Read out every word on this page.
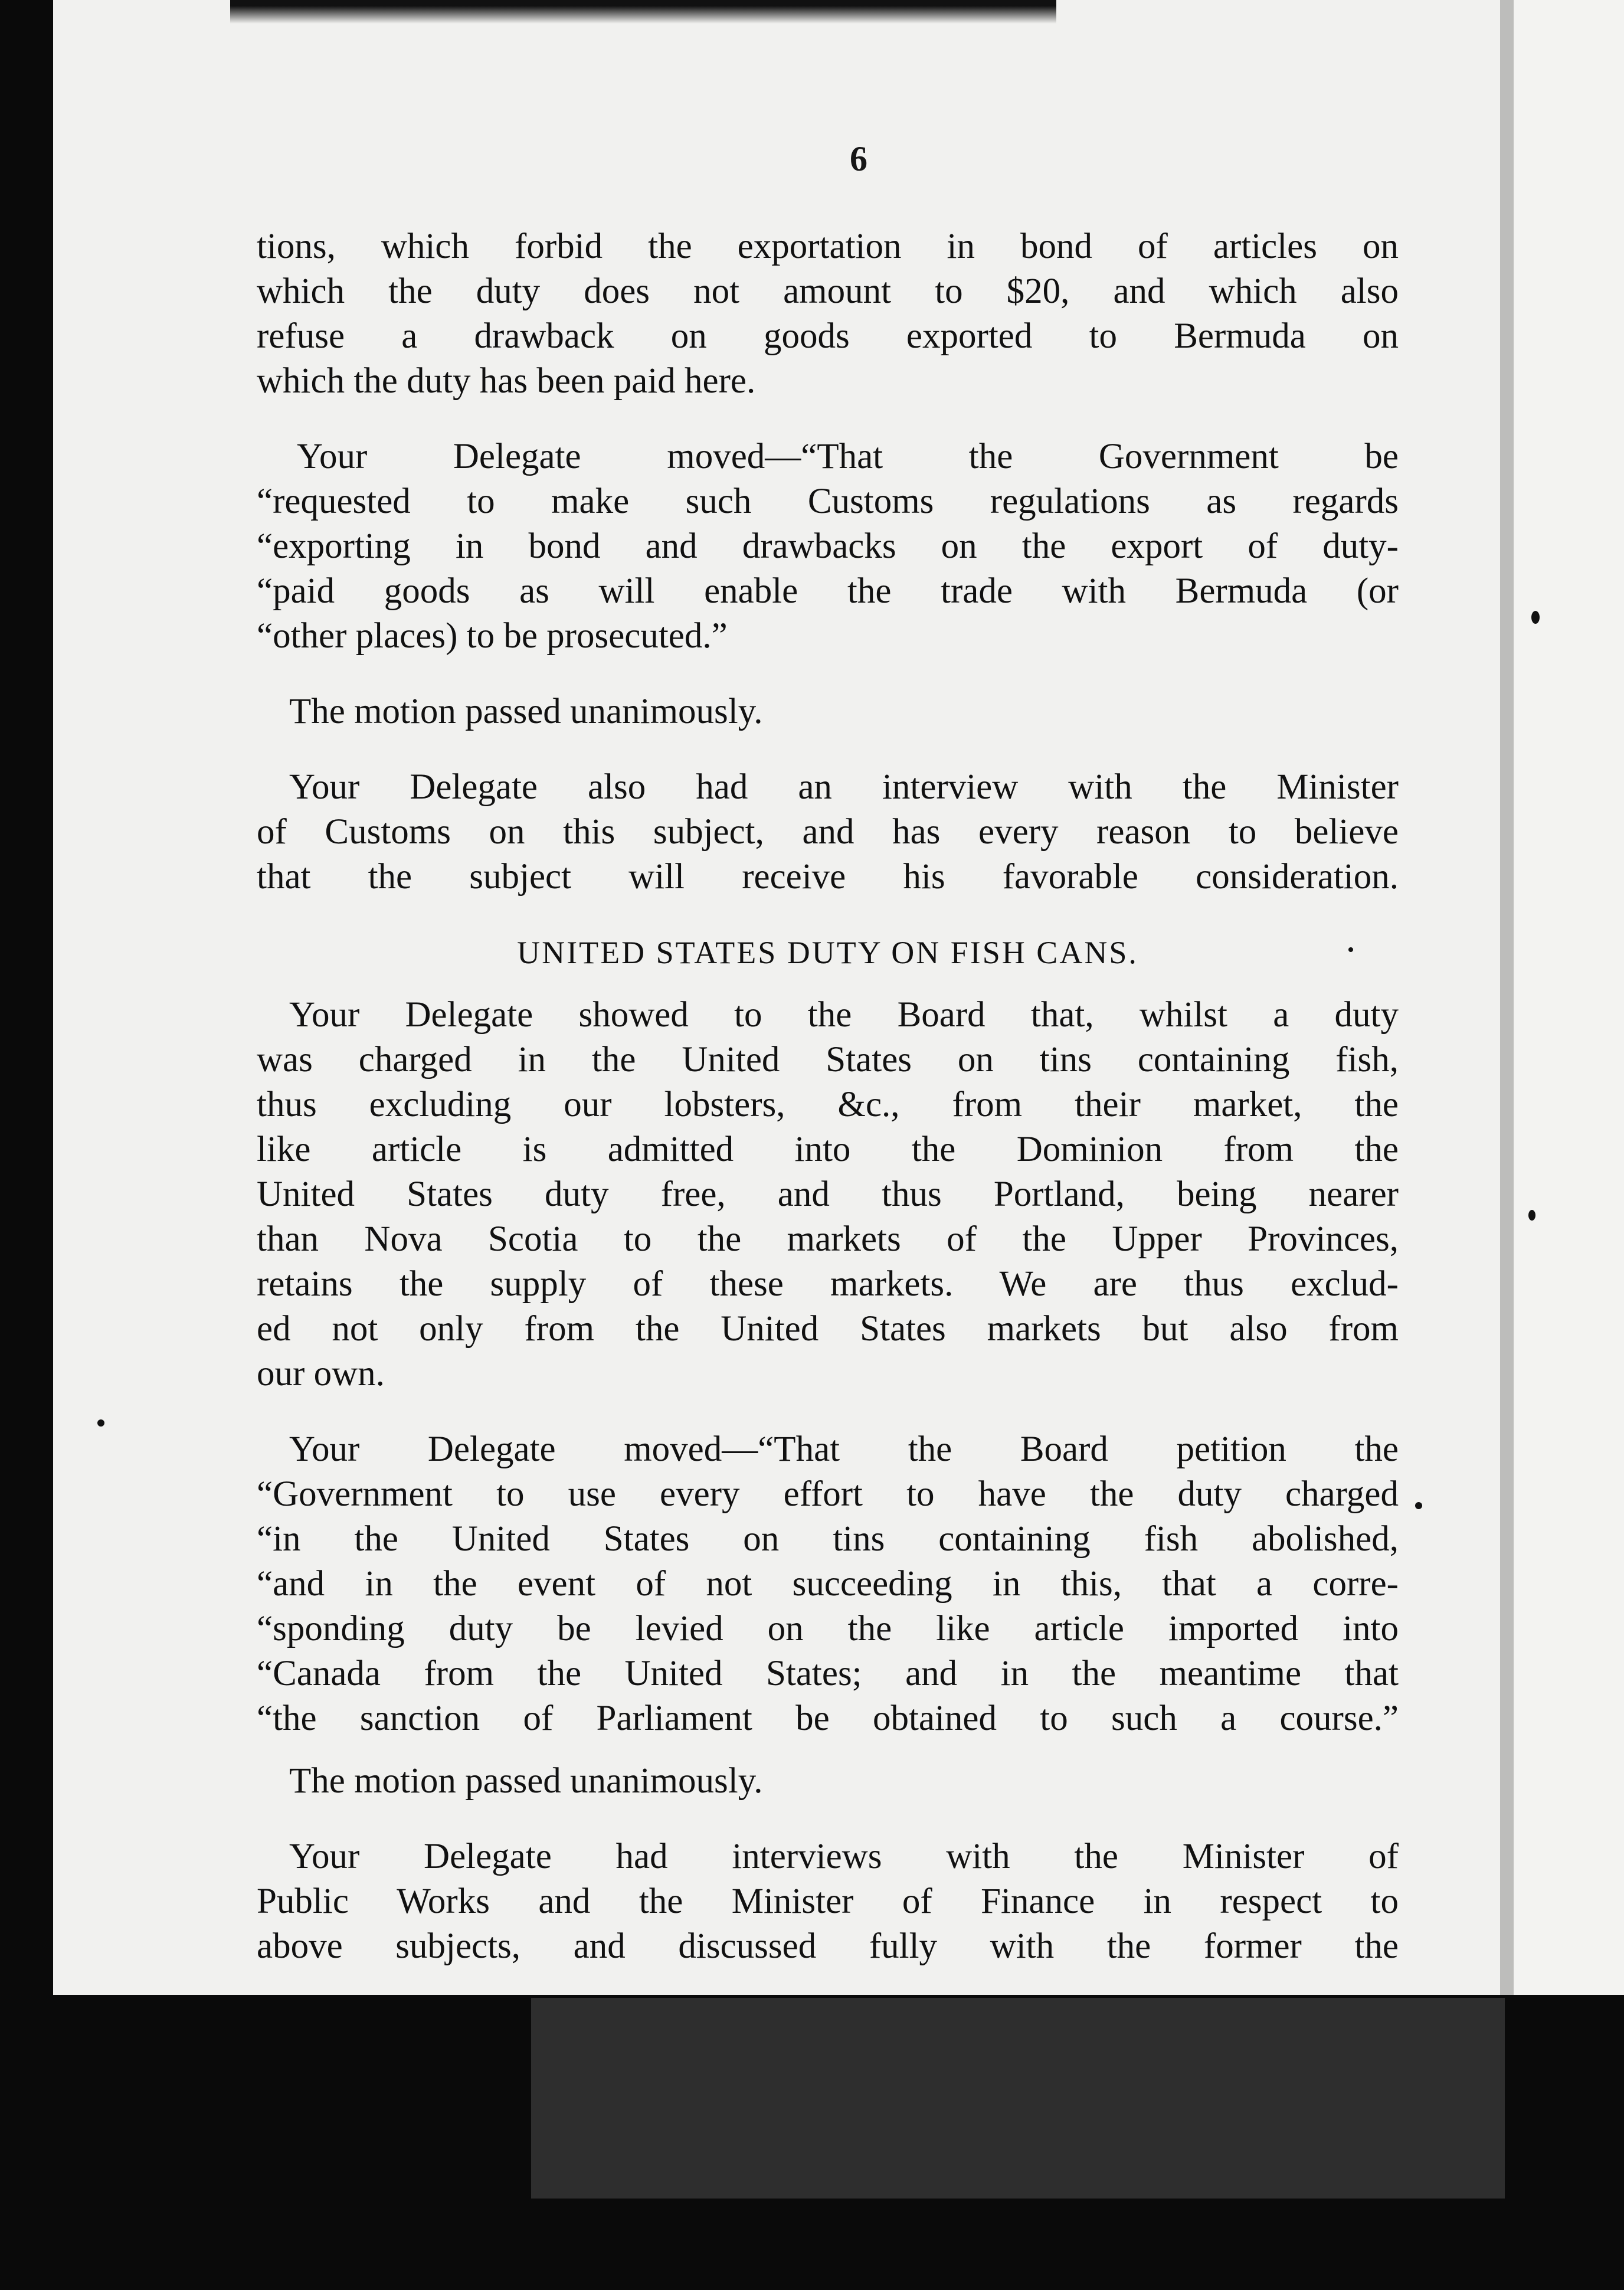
6
tions, which forbid the exportation in bond of articles on
which the duty does not amount to $20, and which also
refuse a drawback on goods exported to Bermuda on
which the duty has been paid here.
Your Delegate moved—“That the Government be
“requested to make such Customs regulations as regards
“exporting in bond and drawbacks on the export of duty-
“paid goods as will enable the trade with Bermuda (or
“other places) to be prosecuted.”
The motion passed unanimously.
Your Delegate also had an interview with the Minister
of Customs on this subject, and has every reason to believe
that the subject will receive his favorable consideration.
UNITED STATES DUTY ON FISH CANS.
Your Delegate showed to the Board that, whilst a duty
was charged in the United States on tins containing fish,
thus excluding our lobsters, &c., from their market, the
like article is admitted into the Dominion from the
United States duty free, and thus Portland, being nearer
than Nova Scotia to the markets of the Upper Provinces,
retains the supply of these markets. We are thus exclud-
ed not only from the United States markets but also from
our own.
Your Delegate moved—“That the Board petition the
“Government to use every effort to have the duty charged
“in the United States on tins containing fish abolished,
“and in the event of not succeeding in this, that a corre-
“sponding duty be levied on the like article imported into
“Canada from the United States; and in the meantime that
“the sanction of Parliament be obtained to such a course.”
The motion passed unanimously.
Your Delegate had interviews with the Minister of
Public Works and the Minister of Finance in respect to
above subjects, and discussed fully with the former the
